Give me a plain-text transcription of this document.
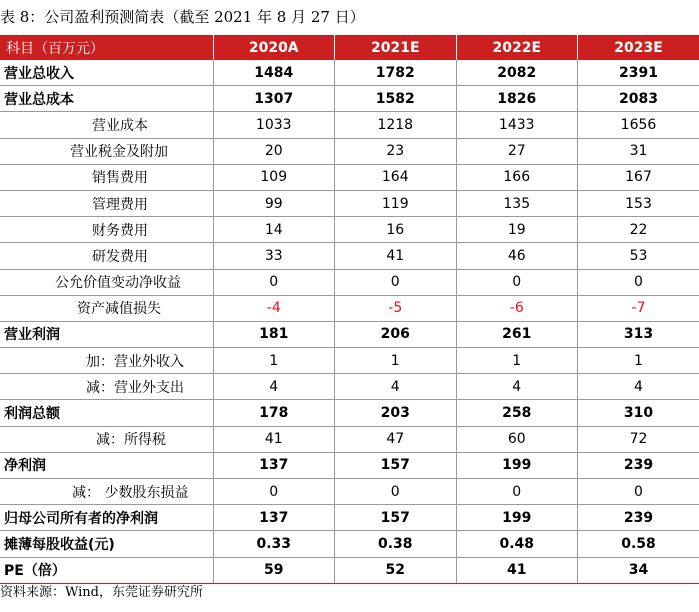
表 8：公司盈利预测简表（截至 2021 年 8 月 27 日）
科目（百万元）	2020A	2021E	2022E	2023E
营业总收入	1484	1782	2082	2391
营业总成本	1307	1582	1826	2083
营业成本	1033	1218	1433	1656
营业税金及附加	20	23	27	31
销售费用	109	164	166	167
管理费用	99	119	135	153
财务费用	14	16	19	22
研发费用	33	41	46	53
公允价值变动净收益	0	0	0	0
资产减值损失	-4	-5	-6	-7
营业利润	181	206	261	313
加：营业外收入	1	1	1	1
减：营业外支出	4	4	4	4
利润总额	178	203	258	310
减：所得税	41	47	60	72
净利润	137	157	199	239
减： 少数股东损益	0	0	0	0
归母公司所有者的净利润	137	157	199	239
摊薄每股收益(元)	0.33	0.38	0.48	0.58
PE（倍）	59	52	41	34
资料来源：Wind，东莞证券研究所
